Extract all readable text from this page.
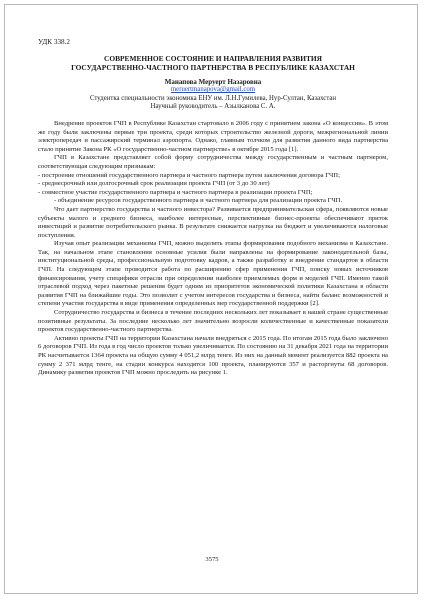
УДК 338.2
СОВРЕМЕННОЕ СОСТОЯНИЕ И НАПРАВЛЕНИЯ РАЗВИТИЯ
ГОСУДАРСТВЕННО-ЧАСТНОГО ПАРТНЕРСТВА В РЕСПУБЛИКЕ КАЗАХСТАН
Манапова Меруерт Назаровна
meruertmanapova@gmail.com
Студентка специальности экономика ЕНУ им. Л.Н.Гумилева, Нур-Султан, Казахстан
Научный руководитель – Азылканова С. А.

Внедрение проектов ГЧП в Республике Казахстан стартовало в 2006 году с принятием закона «О концессии». В этом же году были заключены первые три проекта, среди которых строительство железной дороги, межрегиональной линии электропередач и пассажирский терминал аэропорта. Однако, главным толчком для развития данного вида партнерства стало принятие Закона РК «О государственно-частном партнерстве» в октябре 2015 года [1].

ГЧП в Казахстане представляет собой форму сотрудничества между государственным и частным партнером, соответствующая следующим признакам:

- построение отношений государственного партнера и частного партнера путем заключения договора ГЧП;

- среднесрочный или долгосрочный срок реализации проекта ГЧП (от 3 до 30 лет)

- совместное участие государственного партнера и частного партнера в реализации проекта ГЧП;

- объединение ресурсов государственного партнера и частного партнера для реализации проекта ГЧП.

Что дает партнерство государства и частного инвестора? Развивается предпринимательская сфера, появляются новые субъекты малого и среднего бизнеса, наиболее интересные, перспективные бизнес-проекты обеспечивают приток инвестиций и развитие потребительского рынка. В результате снижается нагрузка на бюджет и увеличиваются налоговые поступления.

Изучая опыт реализации механизма ГЧП, можно выделить этапы формирования подобного механизма в Казахстане. Так, на начальном этапе становления основные усилия были направлены на формирование законодательной базы, институциональной среды, профессиональную подготовку кадров, а также разработку и внедрение стандартов в области ГЧП. На следующем этапе проводится работа по расширению сфер применения ГЧП, поиску новых источников финансирования, учету специфики отрасли при определении наиболее приемлемых форм и моделей ГЧП. Именно такой отраслевой подход через пакетные решения будет одним из приоритетов экономической политики Казахстана в области развития ГЧП на ближайшие годы. Это позволит с учетом интересов государства и бизнеса, найти баланс возможностей и степени участия государства в виде применения определенных мер государственной поддержки [2].

Сотрудничество государства и бизнеса в течение последних нескольких лет показывает в нашей стране существенные позитивные результаты. За последние несколько лет значительно возросли количественные и качественные показатели проектов государственно-частного партнерства.

Активно проекты ГЧП на территории Казахстана начали внедряться с 2015 года. По итогам 2015 года было заключено 6 договоров ГЧП. Из года в год число проектов только увеличивается. По состоянию на 31 декабря 2021 года на территории РК насчитывается 1364 проекта на общую сумму 4 051,2 млрд тенге. Из них на данный момент реализуется 882 проекта на сумму 2 371 млрд тенге, на стадии конкурса находятся 100 проекта, планируются 357 и расторгнуты 68 договоров. Динамику развития проектов ГЧП можно проследить на рисунке 1.

3575
